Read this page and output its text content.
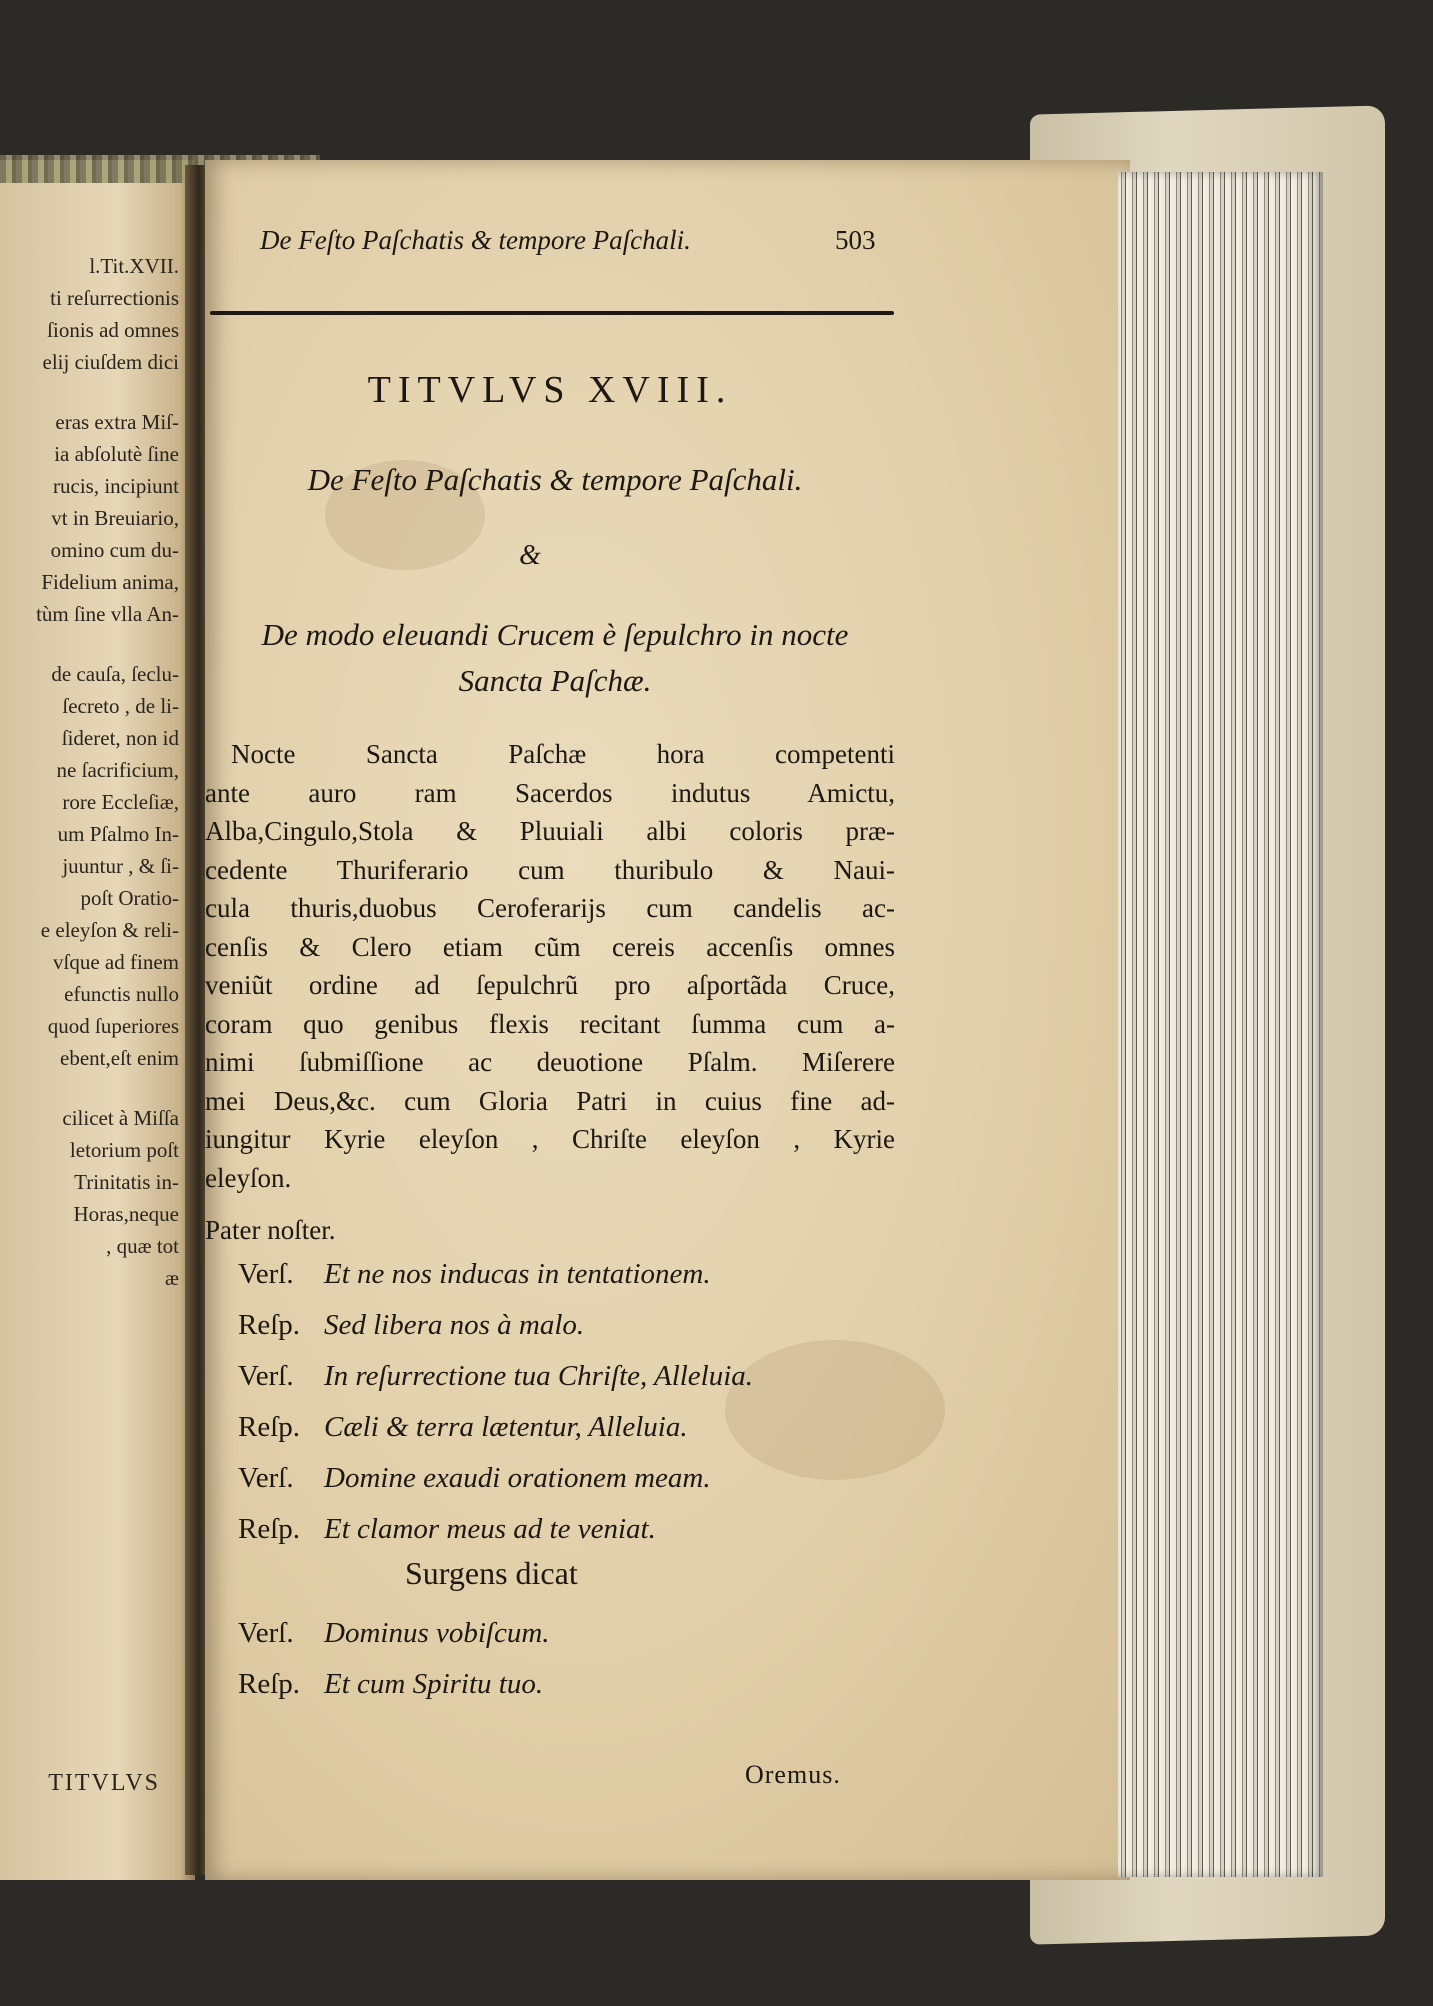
l.Tit.XVII.
ti reſurrectionis
ſionis ad omnes
elij ciuſdem dici
eras extra Miſ-
ia abſolutè ſine
rucis, incipiunt
vt in Breuiario,
omino cum du-
Fidelium anima,
tùm ſine vlla An-
de cauſa, ſeclu-
ſecreto , de li-
ſideret, non id
ne ſacrificium,
rore Eccleſiæ,
um Pſalmo In-
juuntur , & ſi-
poſt Oratio-
e eleyſon & reli-
vſque ad finem
efunctis nullo
quod ſuperiores
ebent,eſt enim
cilicet à Miſſa
letorium poſt
Trinitatis in-
Horas,neque
, quæ tot
æ
TITVLVS
De Feſto Paſchatis & tempore Paſchali.	503
TITVLVS XVIII.
De Feſto Paſchatis & tempore Paſchali.
&
De modo eleuandi Crucem è ſepulchro in nocte
Sancta Paſchæ.
Nocte Sancta Paſchæ hora competenti
ante auro ram Sacerdos indutus Amictu,
Alba,Cingulo,Stola & Pluuiali albi coloris præ-
cedente Thuriferario cum thuribulo & Naui-
cula thuris,duobus Ceroferarijs cum candelis ac-
cenſis & Clero etiam cũm cereis accenſis omnes
veniũt ordine ad ſepulchrũ pro aſportãda Cruce,
coram quo genibus flexis recitant ſumma cum a-
nimi ſubmiſſione ac deuotione Pſalm. Miſerere
mei Deus,&c. cum Gloria Patri in cuius fine ad-
iungitur Kyrie eleyſon , Chriſte eleyſon , Kyrie
eleyſon.
Pater noſter.
Verſ. Et ne nos inducas in tentationem.
Reſp. Sed libera nos à malo.
Verſ. In reſurrectione tua Chriſte, Alleluia.
Reſp. Cæli & terra lætentur, Alleluia.
Verſ. Domine exaudi orationem meam.
Reſp. Et clamor meus ad te veniat.
Surgens dicat
Verſ. Dominus vobiſcum.
Reſp. Et cum Spiritu tuo.
Oremus.
